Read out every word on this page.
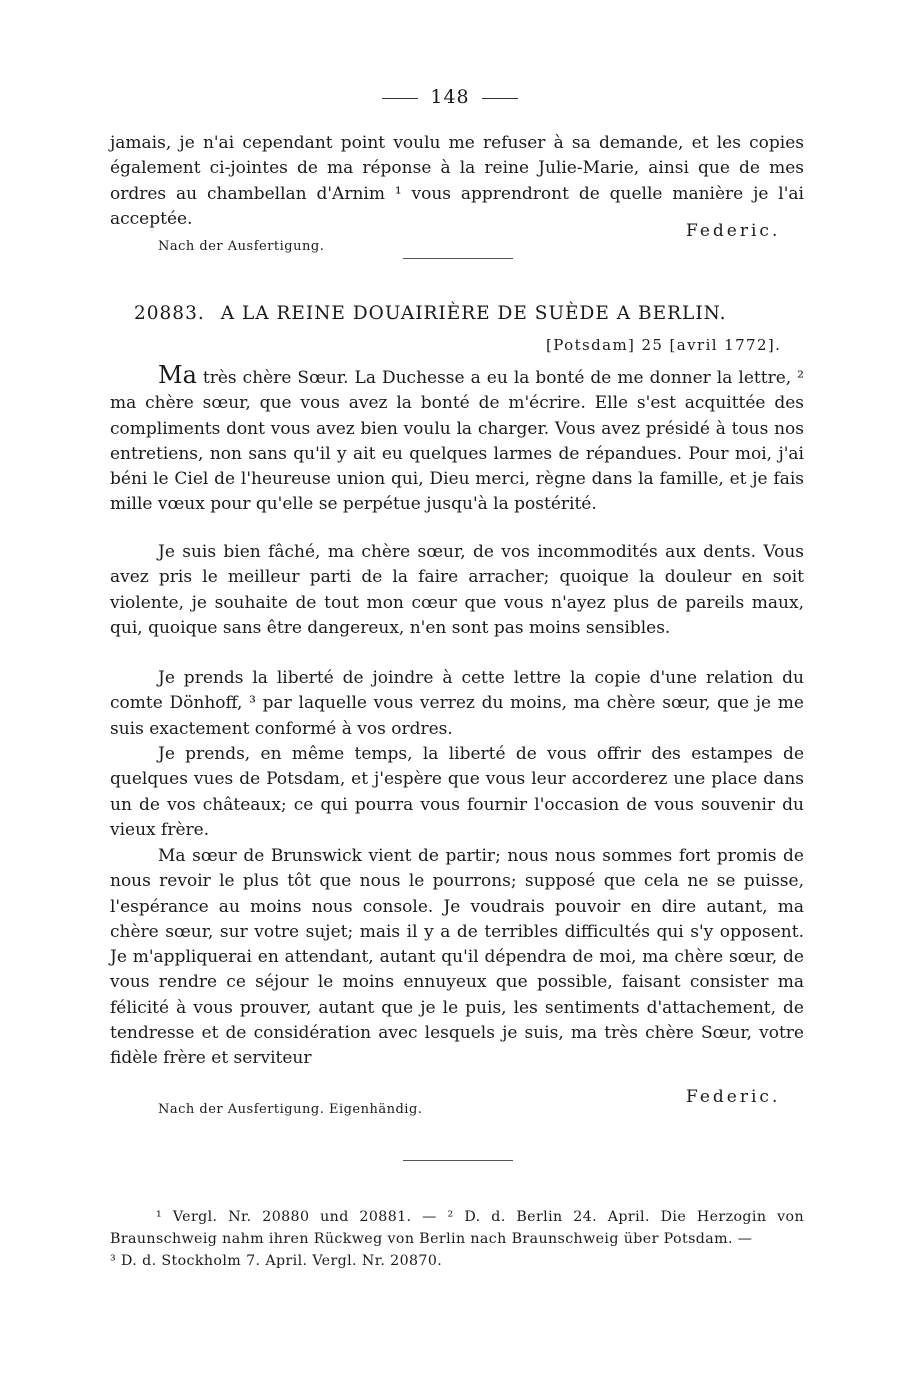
148

jamais, je n'ai cependant point voulu me refuser à sa demande, et les copies également ci-jointes de ma réponse à la reine Julie-Marie, ainsi que de mes ordres au chambellan d'Arnim ¹ vous apprendront de quelle manière je l'ai acceptée.

Federic.
Nach der Ausfertigung.
20883. A LA REINE DOUAIRIÈRE DE SUÈDE A BERLIN.
[Potsdam] 25 [avril 1772].

Ma très chère Sœur. La Duchesse a eu la bonté de me donner la lettre, ² ma chère sœur, que vous avez la bonté de m'écrire. Elle s'est acquittée des compliments dont vous avez bien voulu la charger. Vous avez présidé à tous nos entretiens, non sans qu'il y ait eu quelques larmes de répandues. Pour moi, j'ai béni le Ciel de l'heureuse union qui, Dieu merci, règne dans la famille, et je fais mille vœux pour qu'elle se perpétue jusqu'à la postérité.

Je suis bien fâché, ma chère sœur, de vos incommodités aux dents. Vous avez pris le meilleur parti de la faire arracher; quoique la douleur en soit violente, je souhaite de tout mon cœur que vous n'ayez plus de pareils maux, qui, quoique sans être dangereux, n'en sont pas moins sensibles.

Je prends la liberté de joindre à cette lettre la copie d'une relation du comte Dönhoff, ³ par laquelle vous verrez du moins, ma chère sœur, que je me suis exactement conformé à vos ordres.

Je prends, en même temps, la liberté de vous offrir des estampes de quelques vues de Potsdam, et j'espère que vous leur accorderez une place dans un de vos châteaux; ce qui pourra vous fournir l'occasion de vous souvenir du vieux frère.

Ma sœur de Brunswick vient de partir; nous nous sommes fort promis de nous revoir le plus tôt que nous le pourrons; supposé que cela ne se puisse, l'espérance au moins nous console. Je voudrais pouvoir en dire autant, ma chère sœur, sur votre sujet; mais il y a de terribles difficultés qui s'y opposent. Je m'appliquerai en attendant, autant qu'il dépendra de moi, ma chère sœur, de vous rendre ce séjour le moins ennuyeux que possible, faisant consister ma félicité à vous prouver, autant que je le puis, les sentiments d'attachement, de tendresse et de considération avec lesquels je suis, ma très chère Sœur, votre fidèle frère et serviteur

Federic.
Nach der Ausfertigung. Eigenhändig.

¹ Vergl. Nr. 20880 und 20881. — ² D. d. Berlin 24. April. Die Herzogin von Braunschweig nahm ihren Rückweg von Berlin nach Braunschweig über Potsdam. —

³ D. d. Stockholm 7. April. Vergl. Nr. 20870.
